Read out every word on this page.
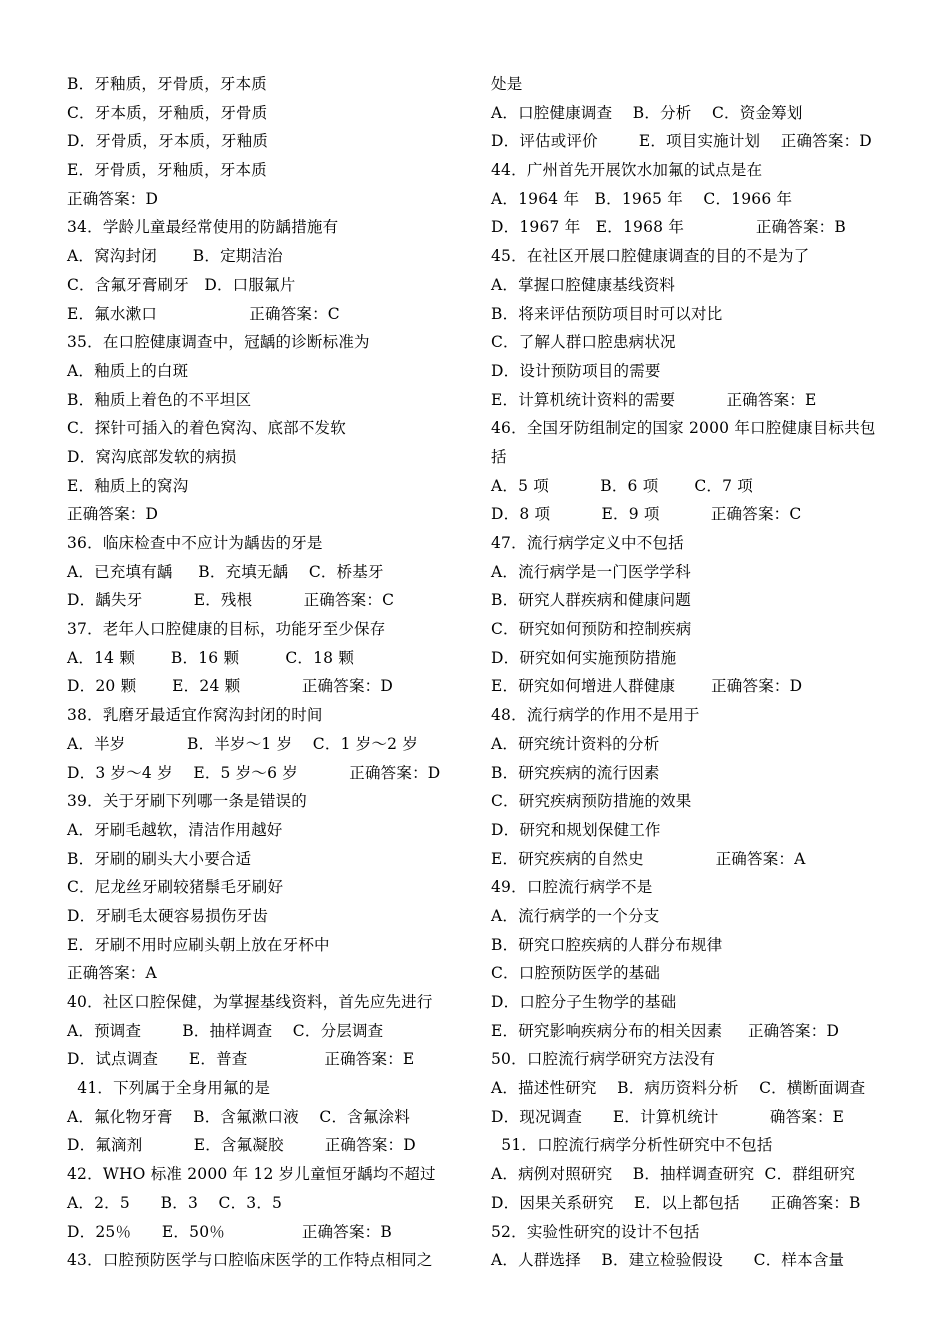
B．牙釉质，牙骨质，牙本质
C．牙本质，牙釉质，牙骨质
D．牙骨质，牙本质，牙釉质
E．牙骨质，牙釉质，牙本质
正确答案：D
34．学龄儿童最经常使用的防龋措施有
A．窝沟封闭       B．定期洁治
C．含氟牙膏刷牙   D．口服氟片
E．氟水漱口                  正确答案：C
35．在口腔健康调查中，冠龋的诊断标准为
A．釉质上的白斑
B．釉质上着色的不平坦区
C．探针可插入的着色窝沟、底部不发软
D．窝沟底部发软的病损
E．釉质上的窝沟
正确答案：D
36．临床检查中不应计为龋齿的牙是
A．已充填有龋     B．充填无龋    C．桥基牙
D．龋失牙          E．残根          正确答案：C
37．老年人口腔健康的目标，功能牙至少保存
A．14 颗       B．16 颗         C．18 颗
D．20 颗       E．24 颗            正确答案：D
38．乳磨牙最适宜作窝沟封闭的时间
A．半岁            B．半岁～1 岁    C．1 岁～2 岁
D．3 岁～4 岁    E．5 岁～6 岁          正确答案：D
39．关于牙刷下列哪一条是错误的
A．牙刷毛越软，清洁作用越好
B．牙刷的刷头大小要合适
C．尼龙丝牙刷较猪鬃毛牙刷好
D．牙刷毛太硬容易损伤牙齿
E．牙刷不用时应刷头朝上放在牙杯中
正确答案：A
40．社区口腔保健，为掌握基线资料，首先应先进行
A．预调查        B．抽样调查    C．分层调查
D．试点调查      E．普查               正确答案：E
41．下列属于全身用氟的是
A．氟化物牙膏    B．含氟漱口液    C．含氟涂料
D．氟滴剂          E．含氟凝胶        正确答案：D
42．WHO 标准 2000 年 12 岁儿童恒牙龋均不超过
A．2．5      B．3    C．3．5
D．25％      E．50％               正确答案：B
43．口腔预防医学与口腔临床医学的工作特点相同之
处是
A．口腔健康调查    B．分析    C．资金筹划
D．评估或评价        E．项目实施计划    正确答案：D
44．广州首先开展饮水加氟的试点是在
A．1964 年   B．1965 年    C．1966 年
D．1967 年   E．1968 年              正确答案：B
45．在社区开展口腔健康调查的目的不是为了
A．掌握口腔健康基线资料
B．将来评估预防项目时可以对比
C．了解人群口腔患病状况
D．设计预防项目的需要
E．计算机统计资料的需要          正确答案：E
46．全国牙防组制定的国家 2000 年口腔健康目标共包
括
A．5 项          B．6 项       C．7 项
D．8 项          E．9 项          正确答案：C
47．流行病学定义中不包括
A．流行病学是一门医学学科
B．研究人群疾病和健康问题
C．研究如何预防和控制疾病
D．研究如何实施预防措施
E．研究如何增进人群健康       正确答案：D
48．流行病学的作用不是用于
A．研究统计资料的分析
B．研究疾病的流行因素
C．研究疾病预防措施的效果
D．研究和规划保健工作
E．研究疾病的自然史              正确答案：A
49．口腔流行病学不是
A．流行病学的一个分支
B．研究口腔疾病的人群分布规律
C．口腔预防医学的基础
D．口腔分子生物学的基础
E．研究影响疾病分布的相关因素     正确答案：D
50．口腔流行病学研究方法没有
A．描述性研究    B．病历资料分析    C．横断面调查
D．现况调查      E．计算机统计          确答案：E
51．口腔流行病学分析性研究中不包括
A．病例对照研究    B．抽样调查研究  C．群组研究
D．因果关系研究    E．以上都包括      正确答案：B
52．实验性研究的设计不包括
A．人群选择    B．建立检验假设      C．样本含量
